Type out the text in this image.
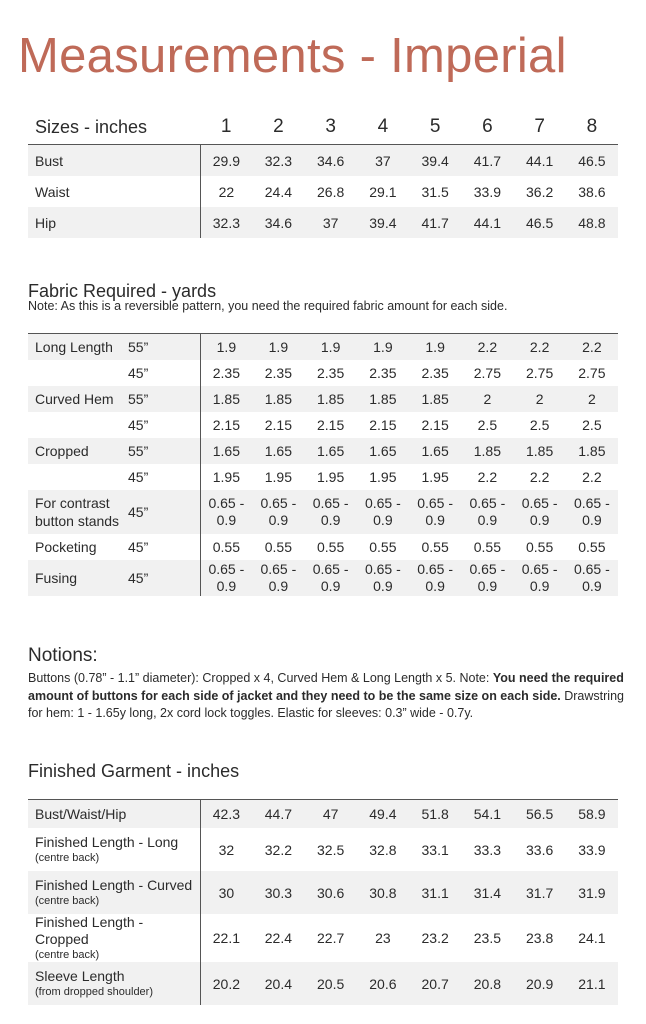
Measurements - Imperial
Sizes - inches	1	2	3	4	5	6	7	8
Bust	29.9	32.3	34.6	37	39.4	41.7	44.1	46.5
Waist	22	24.4	26.8	29.1	31.5	33.9	36.2	38.6
Hip	32.3	34.6	37	39.4	41.7	44.1	46.5	48.8
Fabric Required - yards
Note: As this is a reversible pattern, you need the required fabric amount for each side.
Long Length	55”	1.9	1.9	1.9	1.9	1.9	2.2	2.2	2.2
	45”	2.35	2.35	2.35	2.35	2.35	2.75	2.75	2.75
Curved Hem	55”	1.85	1.85	1.85	1.85	1.85	2	2	2
	45”	2.15	2.15	2.15	2.15	2.15	2.5	2.5	2.5
Cropped	55”	1.65	1.65	1.65	1.65	1.65	1.85	1.85	1.85
	45”	1.95	1.95	1.95	1.95	1.95	2.2	2.2	2.2
For contrast button stands	45”	0.65 - 0.9	0.65 - 0.9	0.65 - 0.9	0.65 - 0.9	0.65 - 0.9	0.65 - 0.9	0.65 - 0.9	0.65 - 0.9
Pocketing	45”	0.55	0.55	0.55	0.55	0.55	0.55	0.55	0.55
Fusing	45”	0.65 - 0.9	0.65 - 0.9	0.65 - 0.9	0.65 - 0.9	0.65 - 0.9	0.65 - 0.9	0.65 - 0.9	0.65 - 0.9
Notions:
Buttons (0.78” - 1.1” diameter): Cropped x 4, Curved Hem & Long Length x 5. Note: You need the required amount of buttons for each side of jacket and they need to be the same size on each side. Drawstring for hem: 1 - 1.65y long, 2x cord lock toggles. Elastic for sleeves: 0.3” wide - 0.7y.
Finished Garment - inches
Bust/Waist/Hip	42.3	44.7	47	49.4	51.8	54.1	56.5	58.9

Finished Length - Long
(centre back)	32	32.2	32.5	32.8	33.1	33.3	33.6	33.9

Finished Length - Curved
(centre back)	30	30.3	30.6	30.8	31.1	31.4	31.7	31.9

Finished Length - Cropped
(centre back)	22.1	22.4	22.7	23	23.2	23.5	23.8	24.1

Sleeve Length
(from dropped shoulder)	20.2	20.4	20.5	20.6	20.7	20.8	20.9	21.1
